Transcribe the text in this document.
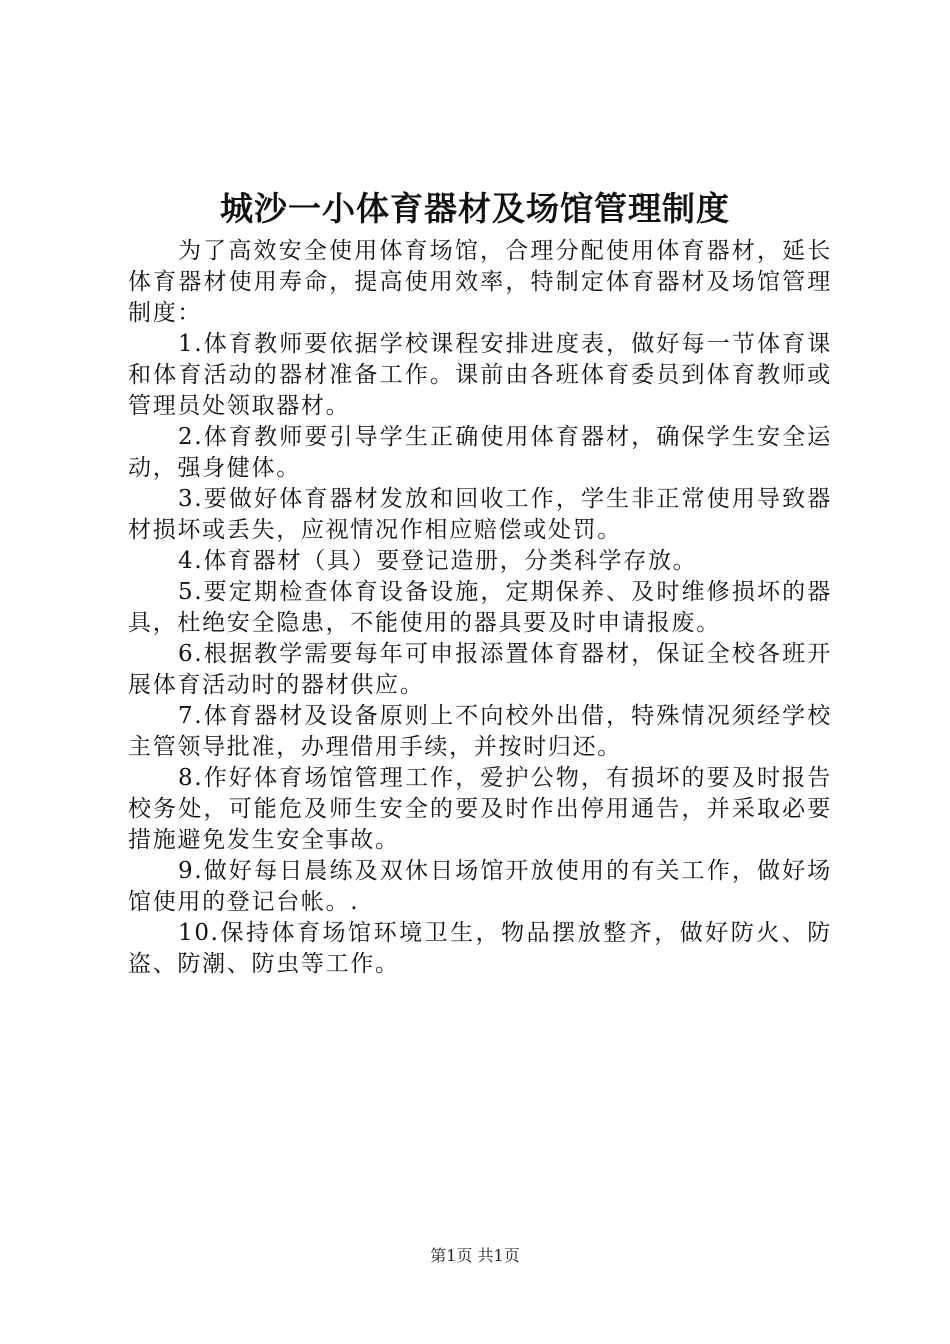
城沙一小体育器材及场馆管理制度

为了高效安全使用体育场馆，合理分配使用体育器材，延长体育器材使用寿命，提高使用效率，特制定体育器材及场馆管理制度：

1.体育教师要依据学校课程安排进度表，做好每一节体育课和体育活动的器材准备工作。课前由各班体育委员到体育教师或管理员处领取器材。

2.体育教师要引导学生正确使用体育器材，确保学生安全运动，强身健体。

3.要做好体育器材发放和回收工作，学生非正常使用导致器材损坏或丢失，应视情况作相应赔偿或处罚。

4.体育器材（具）要登记造册，分类科学存放。

5.要定期检查体育设备设施，定期保养、及时维修损坏的器具，杜绝安全隐患，不能使用的器具要及时申请报废。

6.根据教学需要每年可申报添置体育器材，保证全校各班开展体育活动时的器材供应。

7.体育器材及设备原则上不向校外出借，特殊情况须经学校主管领导批准，办理借用手续，并按时归还。

8.作好体育场馆管理工作，爱护公物，有损坏的要及时报告校务处，可能危及师生安全的要及时作出停用通告，并采取必要措施避免发生安全事故。

9.做好每日晨练及双休日场馆开放使用的有关工作，做好场馆使用的登记台帐。.

10.保持体育场馆环境卫生，物品摆放整齐，做好防火、防盗、防潮、防虫等工作。

第1页 共1页
